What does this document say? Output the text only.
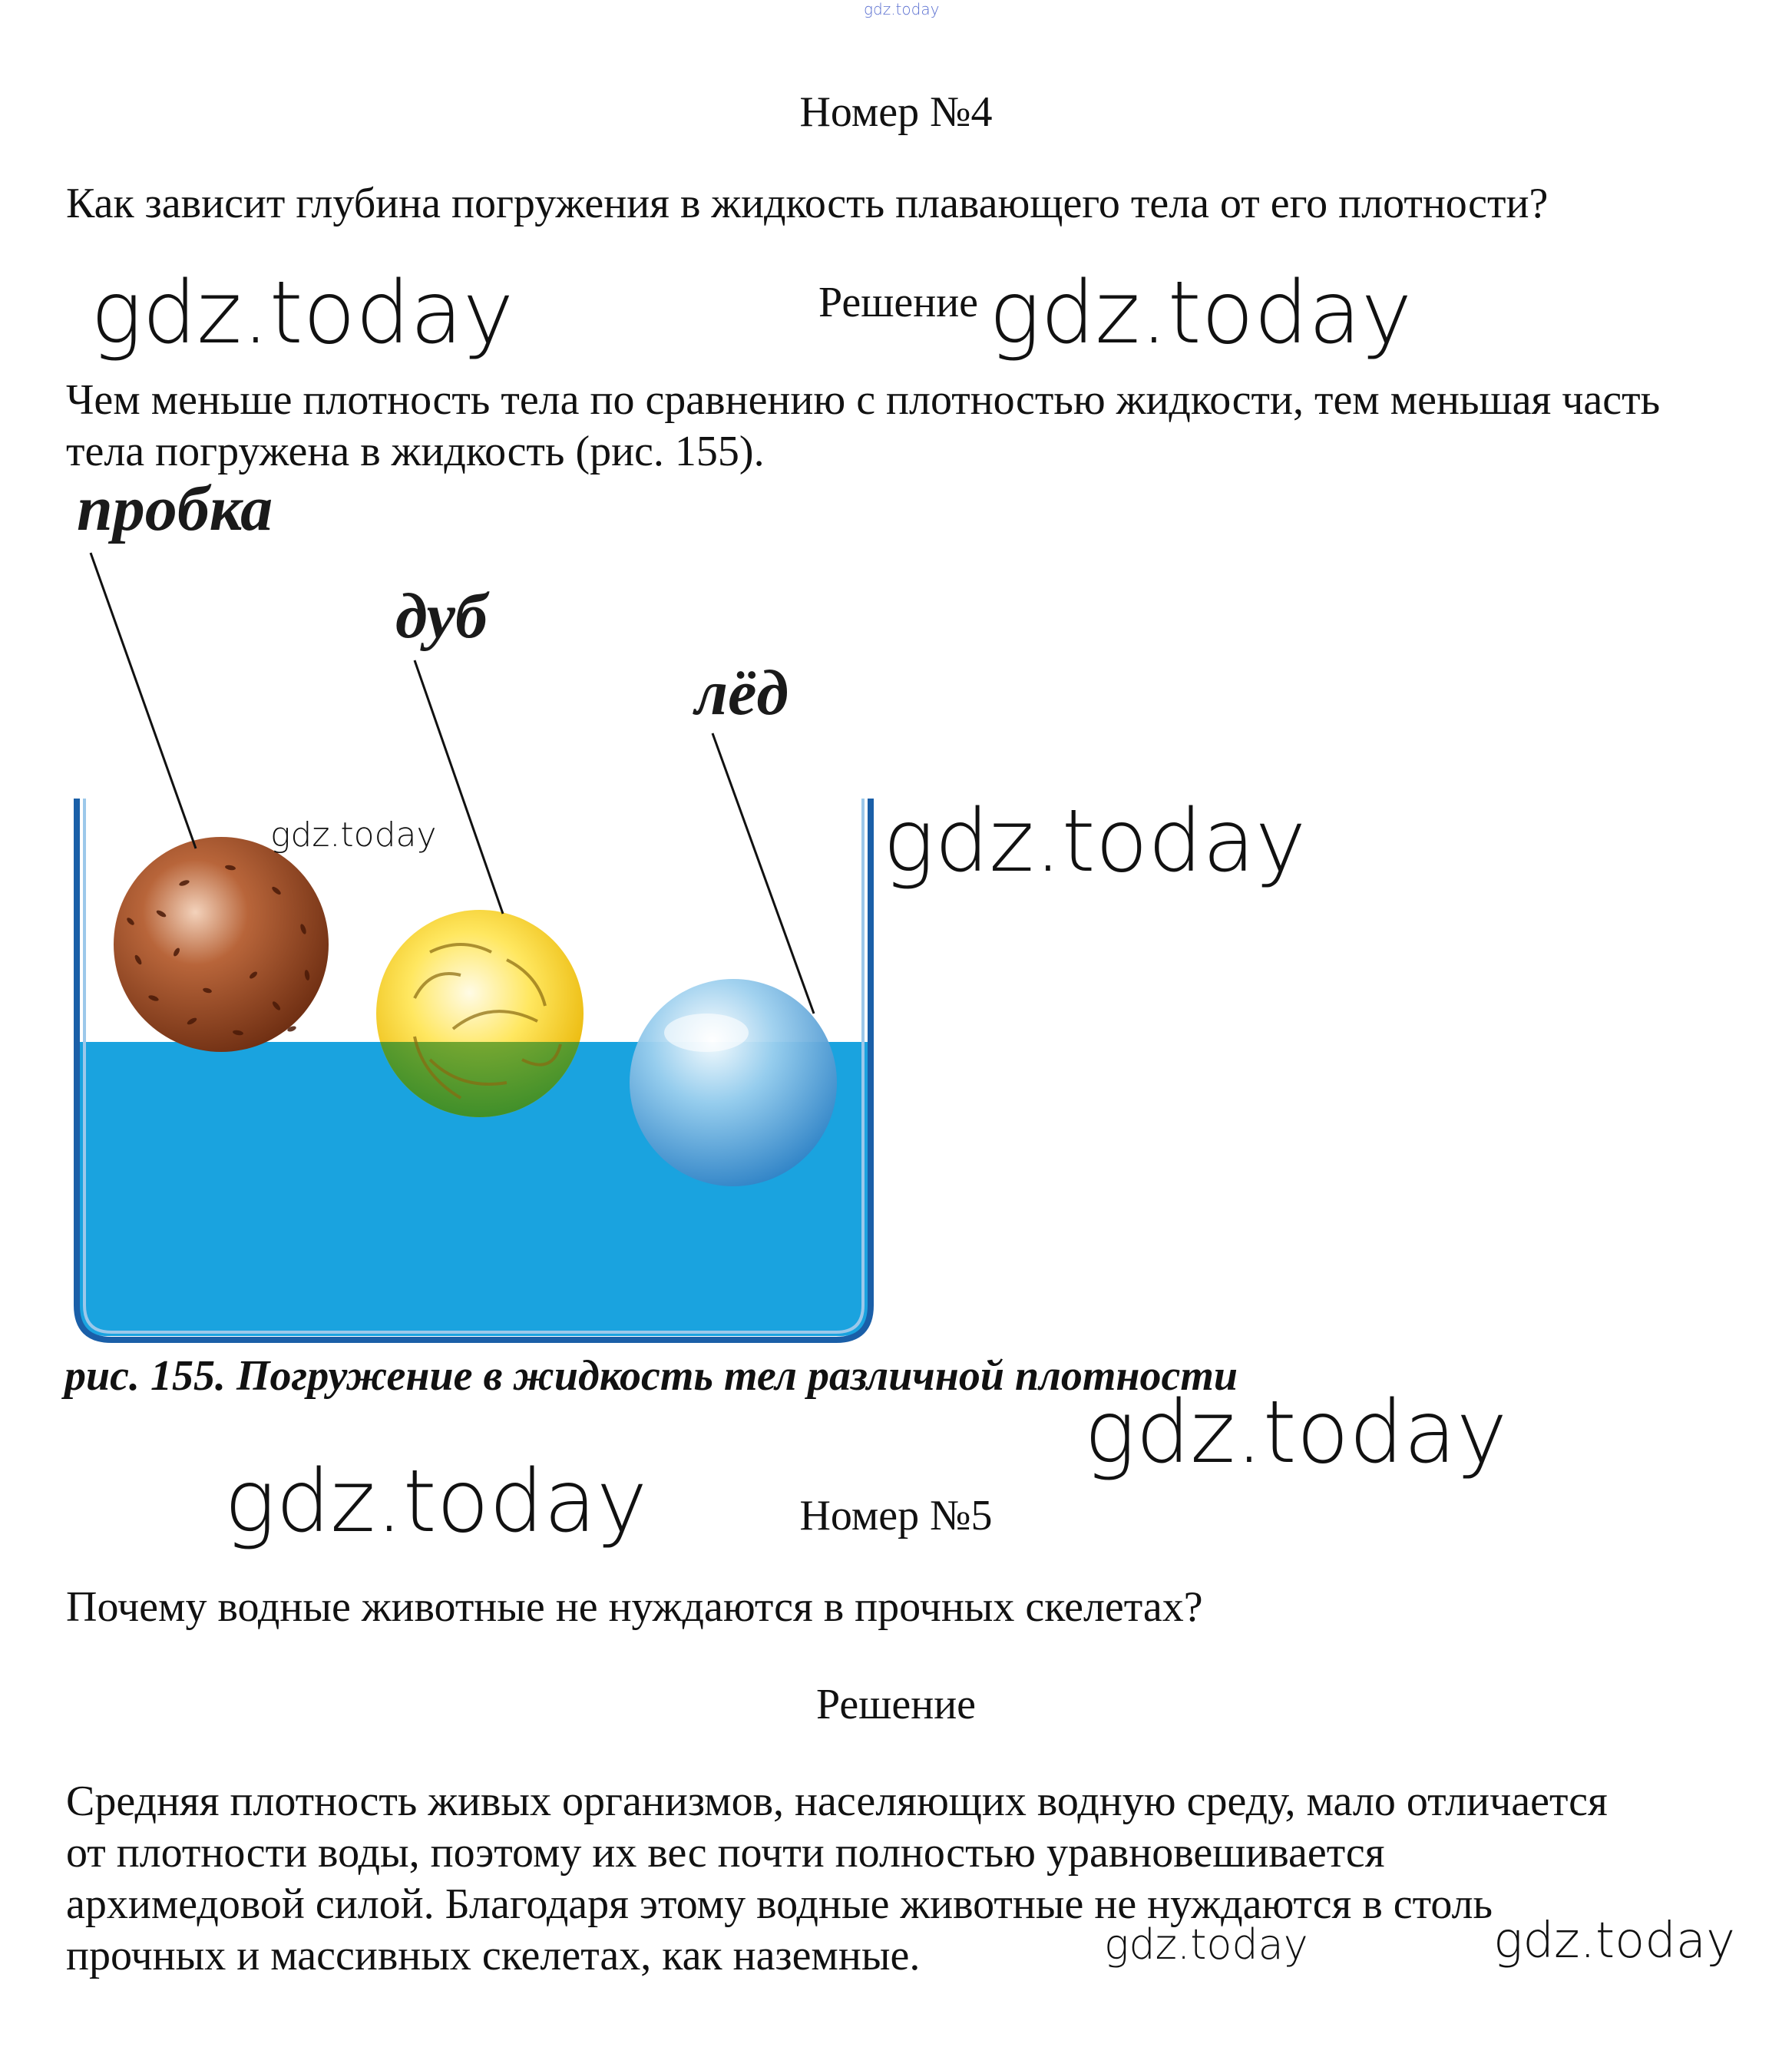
gdz.today
Номер №4
Как зависит глубина погружения в жидкость плавающего тела от его плотности?
gdz.today	Решение gdz.today
Чем меньше плотность тела по сравнению с плотностью жидкости, тем меньшая часть тела погружена в жидкость (рис. 155).
пробка
дуб
лёд
gdz.today	gdz.today
рис. 155. Погружение в жидкость тел различной плотности
gdz.today
gdz.today	Номер №5
Почему водные животные не нуждаются в прочных скелетах?
Решение
Средняя плотность живых организмов, населяющих водную среду, мало отличается
от плотности воды, поэтому их вес почти полностью уравновешивается
архимедовой силой. Благодаря этому водные животные не нуждаются в столь
прочных и массивных скелетах, как наземные.	gdz.today	gdz.today
